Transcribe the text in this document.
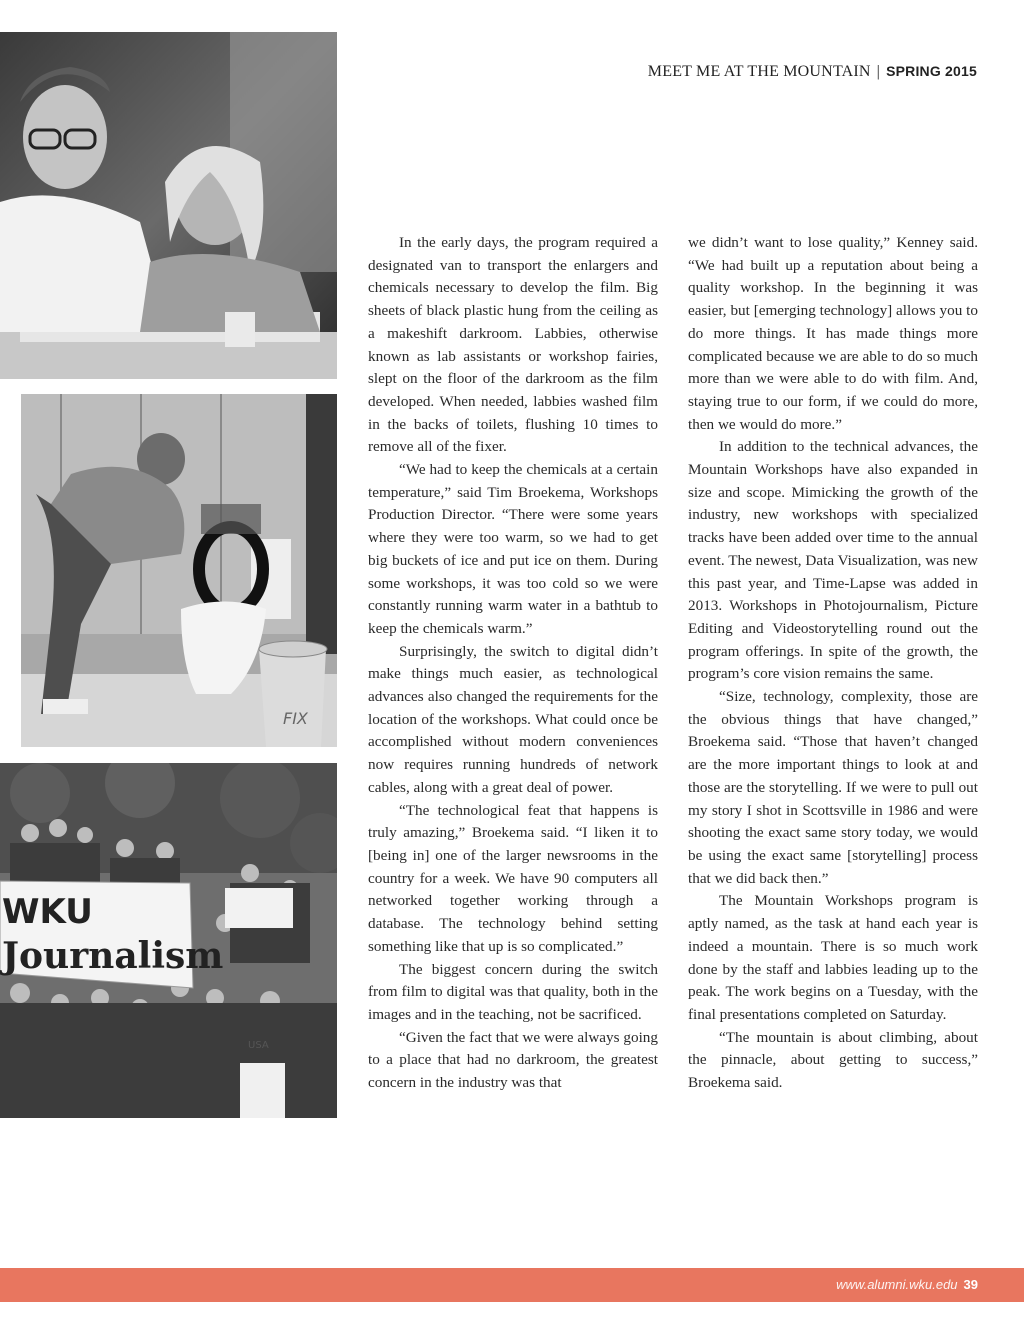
MEET ME AT THE MOUNTAIN | SPRING 2015
FIX
WKU
Journalism
USA

In the early days, the program required a designated van to transport the enlargers and chemicals necessary to develop the film. Big sheets of black plastic hung from the ceiling as a makeshift darkroom. Labbies, otherwise known as lab assistants or workshop fairies, slept on the floor of the darkroom as the film developed. When needed, labbies washed film in the backs of toilets, flushing 10 times to remove all of the fixer.

“We had to keep the chemicals at a certain temperature,” said Tim Broekema, Workshops Production Director. “There were some years where they were too warm, so we had to get big buckets of ice and put ice on them. During some workshops, it was too cold so we were constantly running warm water in a bathtub to keep the chemicals warm.”

Surprisingly, the switch to digital didn’t make things much easier, as technological advances also changed the requirements for the location of the workshops. What could once be accomplished without modern conveniences now requires running hundreds of network cables, along with a great deal of power.

“The technological feat that happens is truly amazing,” Broekema said. “I liken it to [being in] one of the larger newsrooms in the country for a week. We have 90 computers all networked together working through a database. The technology behind setting something like that up is so complicated.”

The biggest concern during the switch from film to digital was that quality, both in the images and in the teaching, not be sacrificed.

“Given the fact that we were always going to a place that had no darkroom, the greatest concern in the industry was that

we didn’t want to lose quality,” Kenney said. “We had built up a reputation about being a quality workshop. In the beginning it was easier, but [emerging technology] allows you to do more things. It has made things more complicated because we are able to do so much more than we were able to do with film. And, staying true to our form, if we could do more, then we would do more.”

In addition to the technical advances, the Mountain Workshops have also expanded in size and scope. Mimicking the growth of the industry, new workshops with specialized tracks have been added over time to the annual event. The newest, Data Visualization, was new this past year, and Time-Lapse was added in 2013. Workshops in Photojournalism, Picture Editing and Videostorytelling round out the program offerings. In spite of the growth, the program’s core vision remains the same.

“Size, technology, complexity, those are the obvious things that have changed,” Broekema said. “Those that haven’t changed are the more important things to look at and those are the storytelling. If we were to pull out my story I shot in Scottsville in 1986 and were shooting the exact same story today, we would be using the exact same [storytelling] process that we did back then.”

The Mountain Workshops program is aptly named, as the task at hand each year is indeed a mountain. There is so much work done by the staff and labbies leading up to the peak. The work begins on a Tuesday, with the final presentations completed on Saturday.

“The mountain is about climbing, about the pinnacle, about getting to success,” Broekema said.

www.alumni.wku.edu 39
